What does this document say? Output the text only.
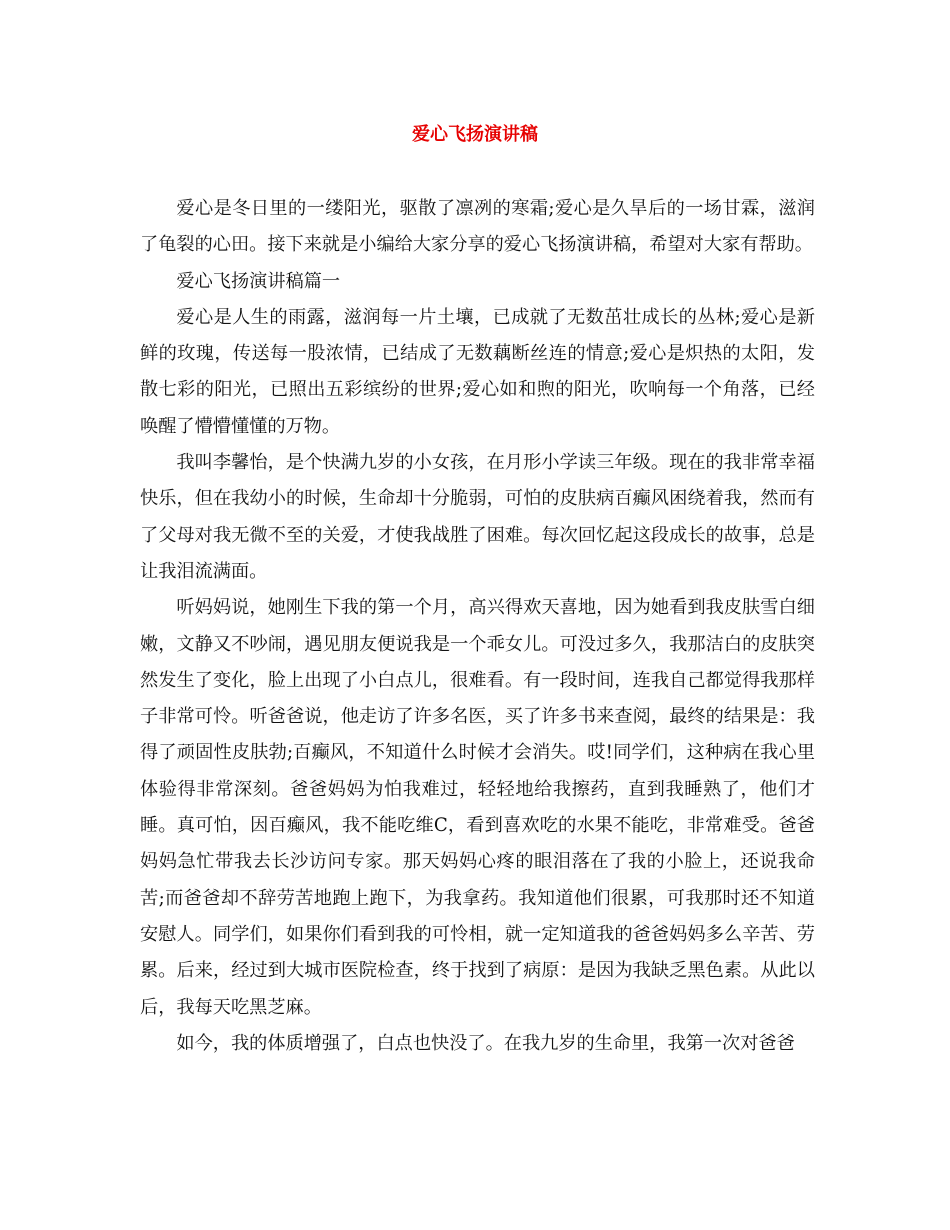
爱心飞扬演讲稿

爱心是冬日里的一缕阳光，驱散了凛冽的寒霜;爱心是久旱后的一场甘霖，滋润了龟裂的心田。接下来就是小编给大家分享的爱心飞扬演讲稿，希望对大家有帮助。

爱心飞扬演讲稿篇一

爱心是人生的雨露，滋润每一片土壤，已成就了无数茁壮成长的丛林;爱心是新鲜的玫瑰，传送每一股浓情，已结成了无数藕断丝连的情意;爱心是炽热的太阳，发散七彩的阳光，已照出五彩缤纷的世界;爱心如和煦的阳光，吹响每一个角落，已经唤醒了懵懵懂懂的万物。

我叫李馨怡，是个快满九岁的小女孩，在月形小学读三年级。现在的我非常幸福快乐，但在我幼小的时候，生命却十分脆弱，可怕的皮肤病百癫风困绕着我，然而有了父母对我无微不至的关爱，才使我战胜了困难。每次回忆起这段成长的故事，总是让我泪流满面。

听妈妈说，她刚生下我的第一个月，高兴得欢天喜地，因为她看到我皮肤雪白细嫩，文静又不吵闹，遇见朋友便说我是一个乖女儿。可没过多久，我那洁白的皮肤突然发生了变化，脸上出现了小白点儿，很难看。有一段时间，连我自己都觉得我那样子非常可怜。听爸爸说，他走访了许多名医，买了许多书来查阅，最终的结果是：我得了顽固性皮肤勃;百癫风，不知道什么时候才会消失。哎!同学们，这种病在我心里体验得非常深刻。爸爸妈妈为怕我难过，轻轻地给我擦药，直到我睡熟了，他们才睡。真可怕，因百癫风，我不能吃维C，看到喜欢吃的水果不能吃，非常难受。爸爸妈妈急忙带我去长沙访问专家。那天妈妈心疼的眼泪落在了我的小脸上，还说我命苦;而爸爸却不辞劳苦地跑上跑下，为我拿药。我知道他们很累，可我那时还不知道安慰人。同学们，如果你们看到我的可怜相，就一定知道我的爸爸妈妈多么辛苦、劳累。后来，经过到大城市医院检查，终于找到了病原：是因为我缺乏黑色素。从此以后，我每天吃黑芝麻。

如今，我的体质增强了，白点也快没了。在我九岁的生命里，我第一次对爸爸
